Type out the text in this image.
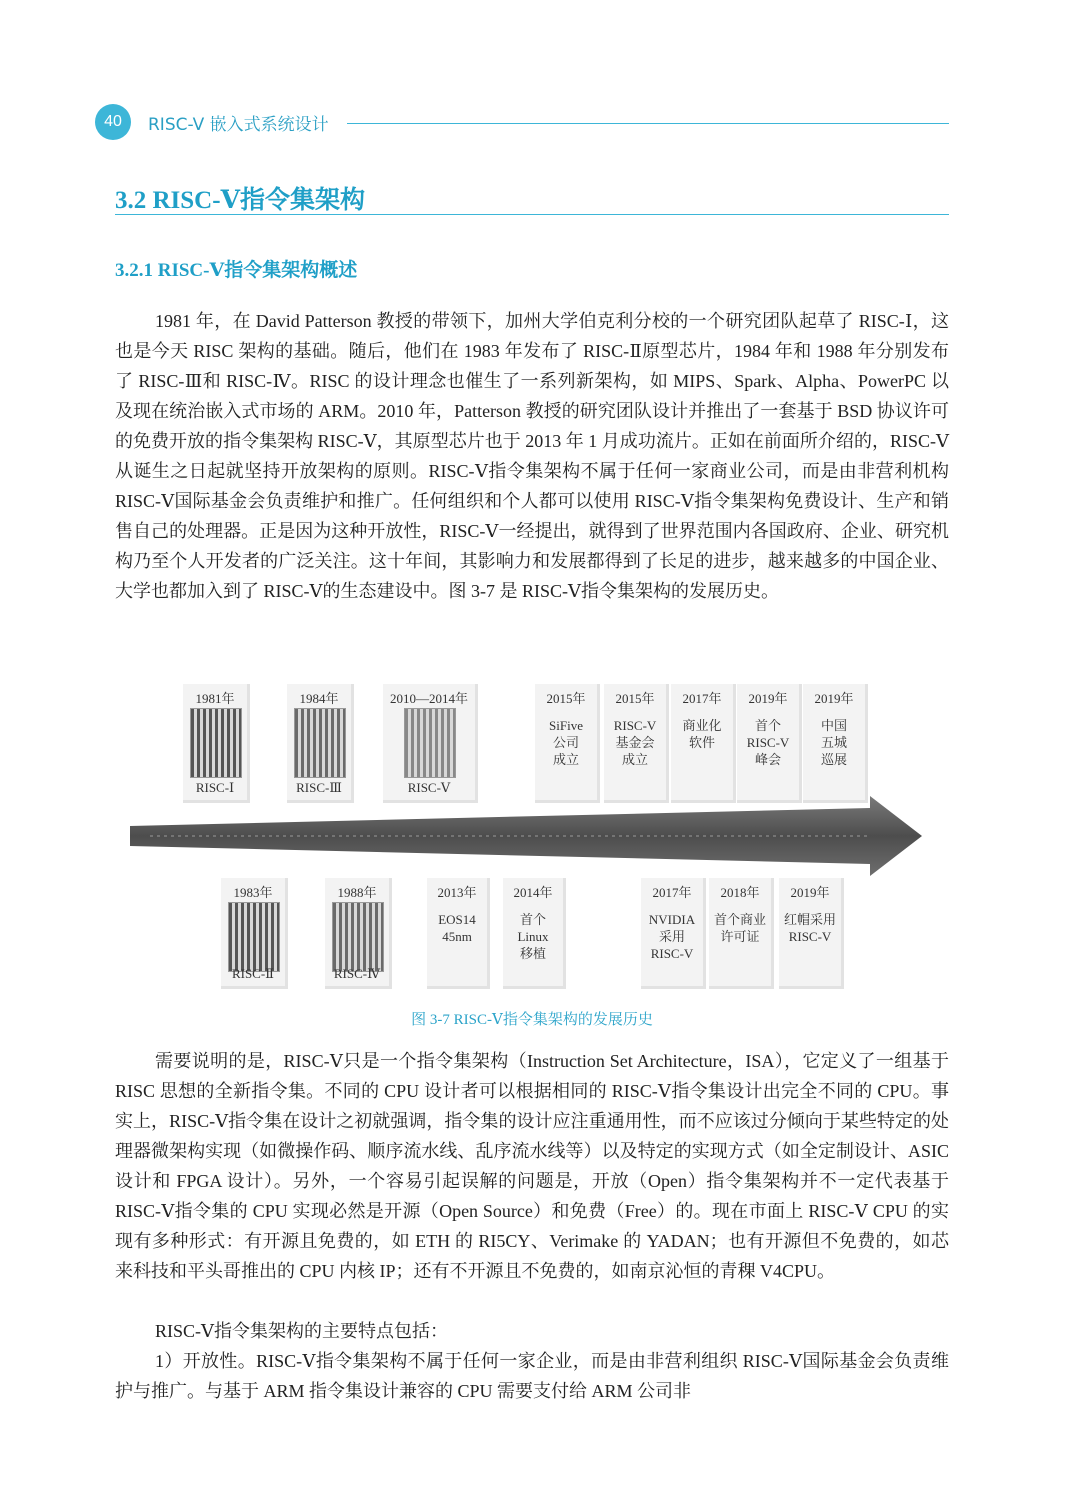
40	RISC-V 嵌入式系统设计
3.2 RISC-Ⅴ指令集架构
3.2.1 RISC-Ⅴ指令集架构概述

1981 年，在 David Patterson 教授的带领下，加州大学伯克利分校的一个研究团队起草了 RISC-Ⅰ，这也是今天 RISC 架构的基础。随后，他们在 1983 年发布了 RISC-Ⅱ原型芯片，1984 年和 1988 年分别发布了 RISC-Ⅲ和 RISC-Ⅳ。RISC 的设计理念也催生了一系列新架构，如 MIPS、Spark、Alpha、PowerPC 以及现在统治嵌入式市场的 ARM。2010 年，Patterson 教授的研究团队设计并推出了一套基于 BSD 协议许可的免费开放的指令集架构 RISC-Ⅴ，其原型芯片也于 2013 年 1 月成功流片。正如在前面所介绍的，RISC-Ⅴ从诞生之日起就坚持开放架构的原则。RISC-Ⅴ指令集架构不属于任何一家商业公司，而是由非营利机构 RISC-Ⅴ国际基金会负责维护和推广。任何组织和个人都可以使用 RISC-Ⅴ指令集架构免费设计、生产和销售自己的处理器。正是因为这种开放性，RISC-Ⅴ一经提出，就得到了世界范围内各国政府、企业、研究机构乃至个人开发者的广泛关注。这十年间，其影响力和发展都得到了长足的进步，越来越多的中国企业、大学也都加入到了 RISC-Ⅴ的生态建设中。图 3-7 是 RISC-Ⅴ指令集架构的发展历史。

1981年
RISC-Ⅰ
1984年
RISC-Ⅲ
2010—2014年
RISC-Ⅴ
2015年
SiFive
公司
成立
2015年
RISC-V
基金会
成立
2017年
商业化
软件
2019年
首个
RISC-V
峰会
2019年
中国
五城
巡展
1983年
RISC-Ⅱ
1988年
RISC-Ⅳ
2013年
EOS14
45nm
2014年
首个
Linux
移植
2017年
NVIDIA
采用
RISC-V
2018年
首个商业
许可证
2019年
红帽采用
RISC-V
图 3-7 RISC-Ⅴ指令集架构的发展历史

需要说明的是，RISC-Ⅴ只是一个指令集架构（Instruction Set Architecture，ISA），它定义了一组基于 RISC 思想的全新指令集。不同的 CPU 设计者可以根据相同的 RISC-Ⅴ指令集设计出完全不同的 CPU。事实上，RISC-Ⅴ指令集在设计之初就强调，指令集的设计应注重通用性，而不应该过分倾向于某些特定的处理器微架构实现（如微操作码、顺序流水线、乱序流水线等）以及特定的实现方式（如全定制设计、ASIC 设计和 FPGA 设计）。另外，一个容易引起误解的问题是，开放（Open）指令集架构并不一定代表基于 RISC-Ⅴ指令集的 CPU 实现必然是开源（Open Source）和免费（Free）的。现在市面上 RISC-Ⅴ CPU 的实现有多种形式：有开源且免费的，如 ETH 的 RI5CY、Verimake 的 YADAN；也有开源但不免费的，如芯来科技和平头哥推出的 CPU 内核 IP；还有不开源且不免费的，如南京沁恒的青稞 V4CPU。

RISC-Ⅴ指令集架构的主要特点包括：

1）开放性。RISC-Ⅴ指令集架构不属于任何一家企业，而是由非营利组织 RISC-Ⅴ国际基金会负责维护与推广。与基于 ARM 指令集设计兼容的 CPU 需要支付给 ARM 公司非
